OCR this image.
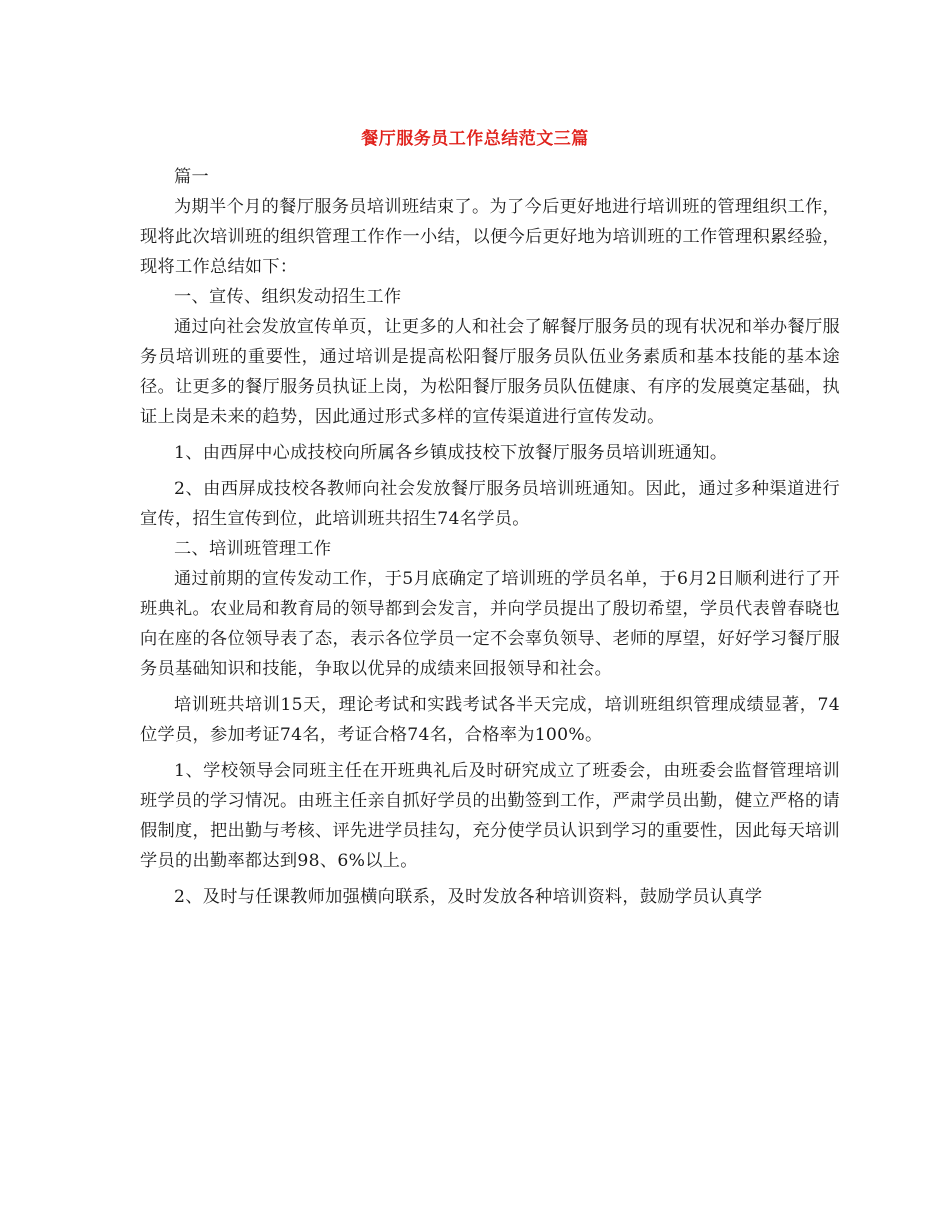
餐厅服务员工作总结范文三篇

篇一

为期半个月的餐厅服务员培训班结束了。为了今后更好地进行培训班的管理组织工作，现将此次培训班的组织管理工作作一小结，以便今后更好地为培训班的工作管理积累经验，现将工作总结如下：

一、宣传、组织发动招生工作

通过向社会发放宣传单页，让更多的人和社会了解餐厅服务员的现有状况和举办餐厅服务员培训班的重要性，通过培训是提高松阳餐厅服务员队伍业务素质和基本技能的基本途径。让更多的餐厅服务员执证上岗，为松阳餐厅服务员队伍健康、有序的发展奠定基础，执证上岗是未来的趋势，因此通过形式多样的宣传渠道进行宣传发动。

1、由西屏中心成技校向所属各乡镇成技校下放餐厅服务员培训班通知。

2、由西屏成技校各教师向社会发放餐厅服务员培训班通知。因此，通过多种渠道进行宣传，招生宣传到位，此培训班共招生74名学员。

二、培训班管理工作

通过前期的宣传发动工作，于5月底确定了培训班的学员名单，于6月2日顺利进行了开班典礼。农业局和教育局的领导都到会发言，并向学员提出了殷切希望，学员代表曾春晓也向在座的各位领导表了态，表示各位学员一定不会辜负领导、老师的厚望，好好学习餐厅服务员基础知识和技能，争取以优异的成绩来回报领导和社会。

培训班共培训15天，理论考试和实践考试各半天完成，培训班组织管理成绩显著，74位学员，参加考证74名，考证合格74名，合格率为100%。

1、学校领导会同班主任在开班典礼后及时研究成立了班委会，由班委会监督管理培训班学员的学习情况。由班主任亲自抓好学员的出勤签到工作，严肃学员出勤，健立严格的请假制度，把出勤与考核、评先进学员挂勾，充分使学员认识到学习的重要性，因此每天培训学员的出勤率都达到98、6%以上。

2、及时与任课教师加强横向联系，及时发放各种培训资料，鼓励学员认真学
